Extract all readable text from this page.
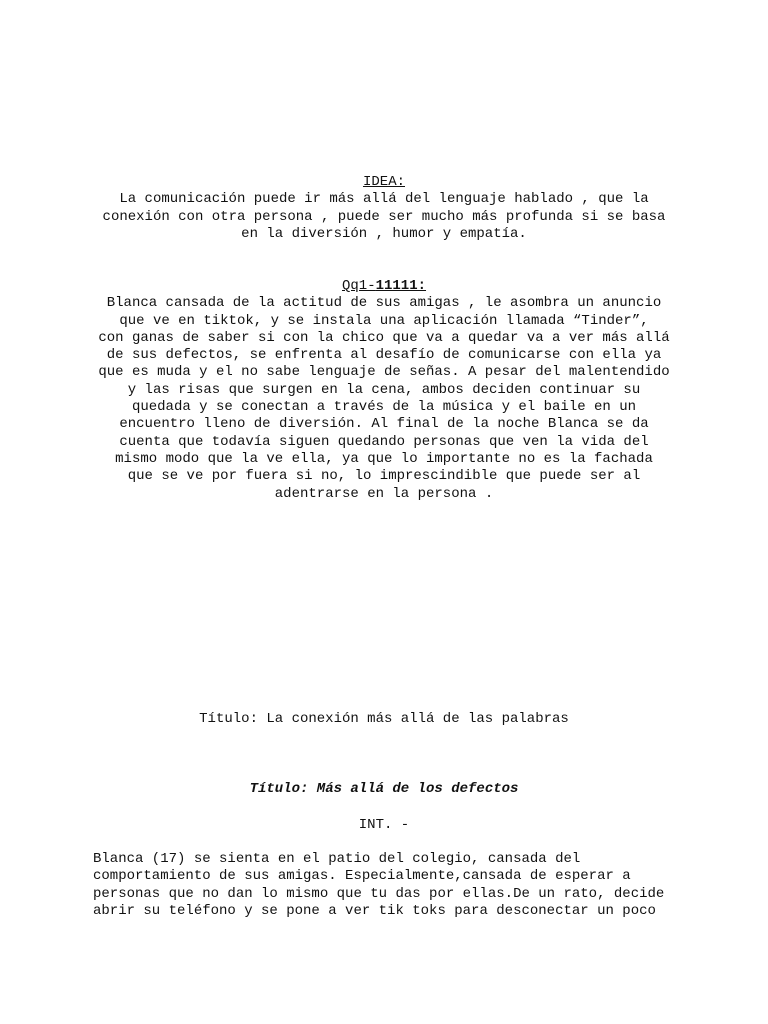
IDEA:

La comunicación puede ir más allá del lenguaje hablado , que la
conexión con otra persona , puede ser mucho más profunda si se basa
en la diversión , humor y empatía.

Qq1-11111:

Blanca cansada de la actitud de sus amigas , le asombra un anuncio
que ve en tiktok, y se instala una aplicación llamada “Tinder”,
con ganas de saber si con la chico que va a quedar va a ver más allá
de sus defectos, se enfrenta al desafío de comunicarse con ella ya
que es muda y el no sabe lenguaje de señas. A pesar del malentendido
y las risas que surgen en la cena, ambos deciden continuar su
quedada y se conectan a través de la música y el baile en un
encuentro lleno de diversión. Al final de la noche Blanca se da
cuenta que todavía siguen quedando personas que ven la vida del
mismo modo que la ve ella, ya que lo importante no es la fachada
que se ve por fuera si no, lo imprescindible que puede ser al
adentrarse en la persona .

Título: La conexión más allá de las palabras
Título: Más allá de los defectos
INT. -
Blanca (17) se sienta en el patio del colegio, cansada del
comportamiento de sus amigas. Especialmente,cansada de esperar a
personas que no dan lo mismo que tu das por ellas.De un rato, decide
abrir su teléfono y se pone a ver tik toks para desconectar un poco
